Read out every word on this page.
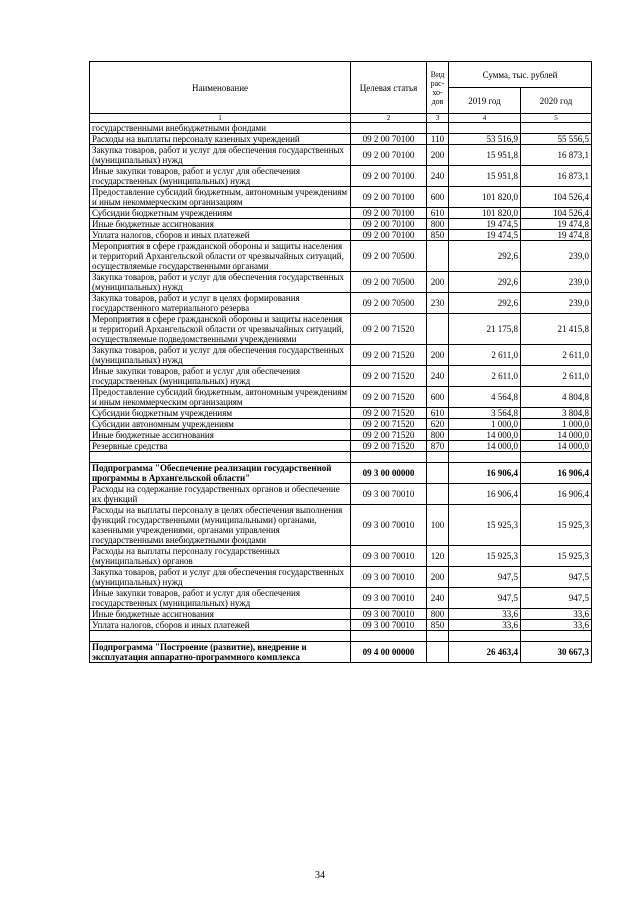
Наименование	Целевая статья	Вид рас-хо-дов	Сумма, тыс. рублей	
			2019 год	2020 год
1	2	3	4	5
государственными внебюджетными фондами				
Расходы на выплаты персоналу казенных учреждений	09 2 00 70100	110	53 516,9	55 556,5
Закупка товаров, работ и услуг для обеспечения государственных (муниципальных) нужд	09 2 00 70100	200	15 951,8	16 873,1
Иные закупки товаров, работ и услуг для обеспечения государственных (муниципальных) нужд	09 2 00 70100	240	15 951,8	16 873,1
Предоставление субсидий бюджетным, автономным учреждениям и иным некоммерческим организациям	09 2 00 70100	600	101 820,0	104 526,4
Субсидии бюджетным учреждениям	09 2 00 70100	610	101 820,0	104 526,4
Иные бюджетные ассигнования	09 2 00 70100	800	19 474,5	19 474,8
Уплата налогов, сборов и иных платежей	09 2 00 70100	850	19 474,5	19 474,8
Мероприятия в сфере гражданской обороны и защиты населения и территорий Архангельской области от чрезвычайных ситуаций, осуществляемые государственными органами	09 2 00 70500		292,6	239,0
Закупка товаров, работ и услуг для обеспечения государственных (муниципальных) нужд	09 2 00 70500	200	292,6	239,0
Закупка товаров, работ и услуг в целях формирования государственного материального резерва	09 2 00 70500	230	292,6	239,0
Мероприятия в сфере гражданской обороны и защиты населения и территорий Архангельской области от чрезвычайных ситуаций, осуществляемые подведомственными учреждениями	09 2 00 71520		21 175,8	21 415,8
Закупка товаров, работ и услуг для обеспечения государственных (муниципальных) нужд	09 2 00 71520	200	2 611,0	2 611,0
Иные закупки товаров, работ и услуг для обеспечения государственных (муниципальных) нужд	09 2 00 71520	240	2 611,0	2 611,0
Предоставление субсидий бюджетным, автономным учреждениям и иным некоммерческим организациям	09 2 00 71520	600	4 564,8	4 804,8
Субсидии бюджетным учреждениям	09 2 00 71520	610	3 564,8	3 804,8
Субсидии автономным учреждениям	09 2 00 71520	620	1 000,0	1 000,0
Иные бюджетные ассигнования	09 2 00 71520	800	14 000,0	14 000,0
Резервные средства	09 2 00 71520	870	14 000,0	14 000,0

Подпрограмма "Обеспечение реализации государственной программы в Архангельской области"	09 3 00 00000		16 906,4	16 906,4
Расходы на содержание государственных органов и обеспечение их функций	09 3 00 70010		16 906,4	16 906,4
Расходы на выплаты персоналу в целях обеспечения выполнения функций государственными (муниципальными) органами, казенными учреждениями, органами управления государственными внебюджетными фондами	09 3 00 70010	100	15 925,3	15 925,3
Расходы на выплаты персоналу государственных (муниципальных) органов	09 3 00 70010	120	15 925,3	15 925,3
Закупка товаров, работ и услуг для обеспечения государственных (муниципальных) нужд	09 3 00 70010	200	947,5	947,5
Иные закупки товаров, работ и услуг для обеспечения государственных (муниципальных) нужд	09 3 00 70010	240	947,5	947,5
Иные бюджетные ассигнования	09 3 00 70010	800	33,6	33,6
Уплата налогов, сборов и иных платежей	09 3 00 70010	850	33,6	33,6

Подпрограмма "Построение (развитие), внедрение и эксплуатация аппаратно-программного комплекса	09 4 00 00000		26 463,4	30 667,3
34
